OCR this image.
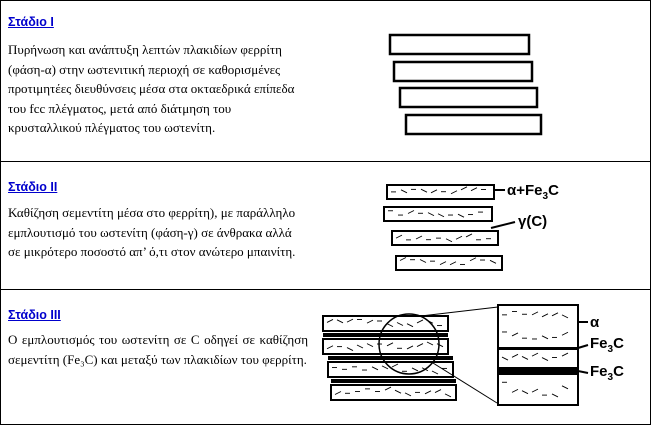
Στάδιο I

Πυρήνωση και ανάπτυξη λεπτών πλακιδίων φερρίτη (φάση-α) στην ωστενιτική περιοχή σε καθορισμένες προτιμητέες διευθύνσεις μέσα στα οκταεδρικά επίπεδα του fcc πλέγματος, μετά από διάτμηση του κρυσταλλικού πλέγματος του ωστενίτη.

Στάδιο II

Καθίζηση σεμεντίτη μέσα στο φερρίτη), με παράλληλο εμπλουτισμό του ωστενίτη (φάση-γ) σε άνθρακα αλλά σε μικρότερο ποσοστό απ’ ό,τι στον ανώτερο μπαινίτη.

$\alpha+Fe_3C$
γ(C)
Στάδιο III

Ο εμπλουτισμός του ωστενίτη σε C οδηγεί σε καθίζηση σεμεντίτη (Fe₃C) και μεταξύ των πλακιδίων του φερρίτη.

α
$Fe_3C$
$Fe_3C$
